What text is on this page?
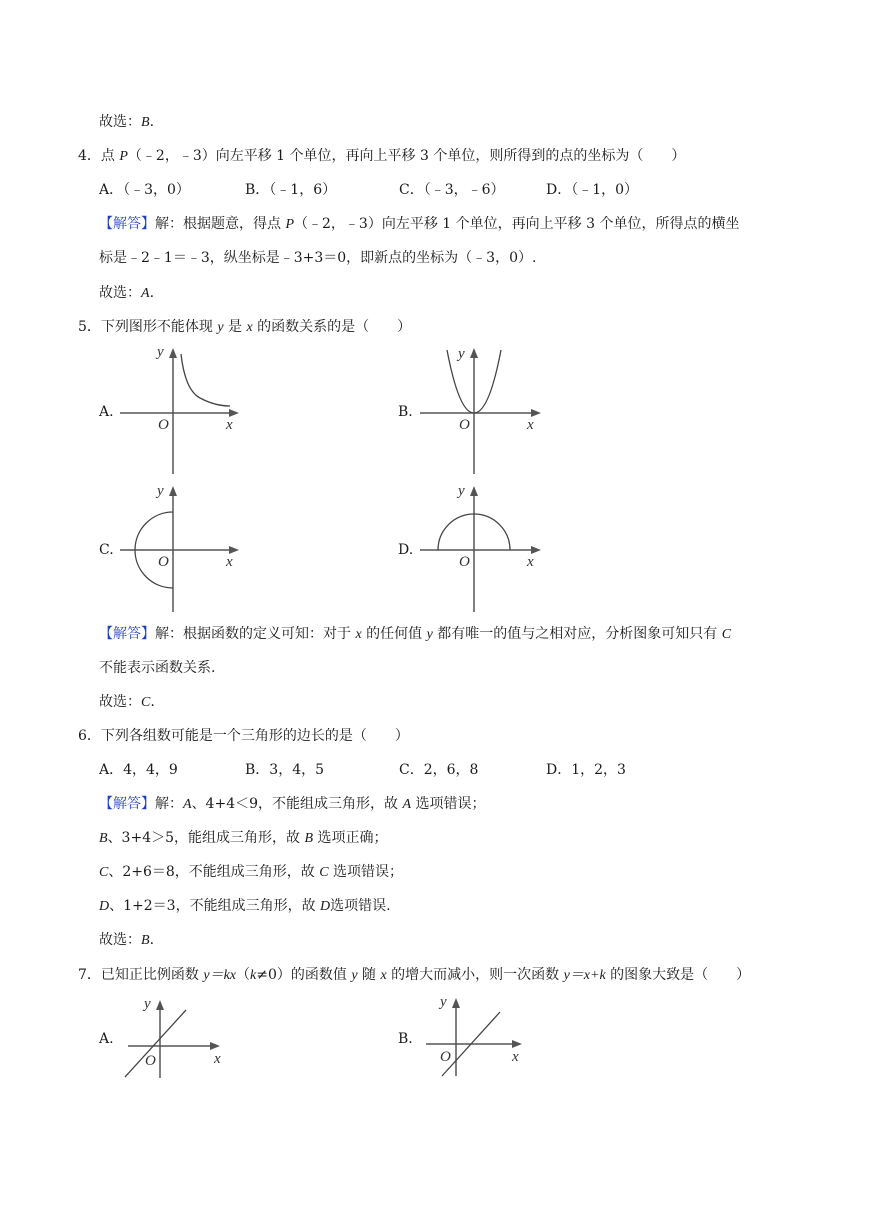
故选：B.
4．点 P（﹣2，﹣3）向左平移 1 个单位，再向上平移 3 个单位，则所得到的点的坐标为（　　）
A．（﹣3，0）	B．（﹣1，6）	C．（﹣3，﹣6）	D．（﹣1，0）
【解答】解：根据题意，得点 P（﹣2，﹣3）向左平移 1 个单位，再向上平移 3 个单位，所得点的横坐
标是﹣2﹣1＝﹣3，纵坐标是﹣3+3＝0，即新点的坐标为（﹣3，0）.
故选：A.
5．下列图形不能体现 y 是 x 的函数关系的是（　　）
A.
y
x
O
B.
y
x
O
C.
y
x
O
D.
y
x
O
【解答】解：根据函数的定义可知：对于 x 的任何值 y 都有唯一的值与之相对应，分析图象可知只有 C
不能表示函数关系.
故选：C.
6．下列各组数可能是一个三角形的边长的是（　　）
A．4，4，9	B．3，4，5	C．2，6，8	D．1，2，3
【解答】解：A、4+4＜9，不能组成三角形，故 A 选项错误；
B、3+4＞5，能组成三角形，故 B 选项正确；
C、2+6＝8，不能组成三角形，故 C 选项错误；
D、1+2＝3，不能组成三角形，故 D选项错误.
故选：B.
7．已知正比例函数 y＝kx（k≠0）的函数值 y 随 x 的增大而减小，则一次函数 y＝x+k 的图象大致是（　　）
A.
y
x
O
B.
y
x
O
